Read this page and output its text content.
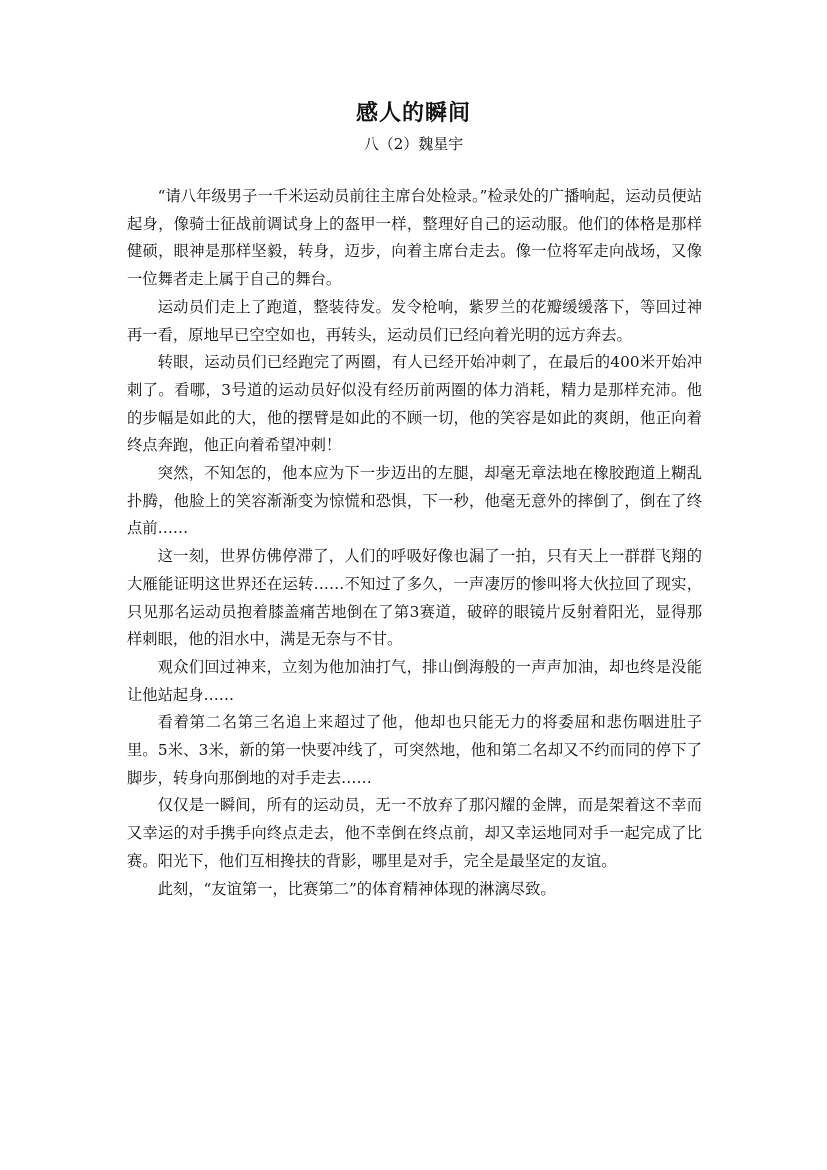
感人的瞬间
八（2）魏星宇

“请八年级男子一千米运动员前往主席台处检录。”检录处的广播响起，运动员便站起身，像骑士征战前调试身上的盔甲一样，整理好自己的运动服。他们的体格是那样健硕，眼神是那样坚毅，转身，迈步，向着主席台走去。像一位将军走向战场，又像一位舞者走上属于自己的舞台。

运动员们走上了跑道，整装待发。发令枪响，紫罗兰的花瓣缓缓落下，等回过神再一看，原地早已空空如也，再转头，运动员们已经向着光明的远方奔去。

转眼，运动员们已经跑完了两圈，有人已经开始冲刺了，在最后的400米开始冲刺了。看哪，3号道的运动员好似没有经历前两圈的体力消耗，精力是那样充沛。他的步幅是如此的大，他的摆臂是如此的不顾一切，他的笑容是如此的爽朗，他正向着终点奔跑，他正向着希望冲刺！

突然，不知怎的，他本应为下一步迈出的左腿，却毫无章法地在橡胶跑道上糊乱扑腾，他脸上的笑容渐渐变为惊慌和恐惧，下一秒，他毫无意外的摔倒了，倒在了终点前……

这一刻，世界仿佛停滞了，人们的呼吸好像也漏了一拍，只有天上一群群飞翔的大雁能证明这世界还在运转……不知过了多久，一声凄厉的惨叫将大伙拉回了现实，只见那名运动员抱着膝盖痛苦地倒在了第3赛道，破碎的眼镜片反射着阳光，显得那样刺眼，他的泪水中，满是无奈与不甘。

观众们回过神来，立刻为他加油打气，排山倒海般的一声声加油，却也终是没能让他站起身……

看着第二名第三名追上来超过了他，他却也只能无力的将委屈和悲伤咽进肚子里。5米、3米，新的第一快要冲线了，可突然地，他和第二名却又不约而同的停下了脚步，转身向那倒地的对手走去……

仅仅是一瞬间，所有的运动员，无一不放弃了那闪耀的金牌，而是架着这不幸而又幸运的对手携手向终点走去，他不幸倒在终点前，却又幸运地同对手一起完成了比赛。阳光下，他们互相搀扶的背影，哪里是对手，完全是最坚定的友谊。

此刻，“友谊第一，比赛第二”的体育精神体现的淋漓尽致。
